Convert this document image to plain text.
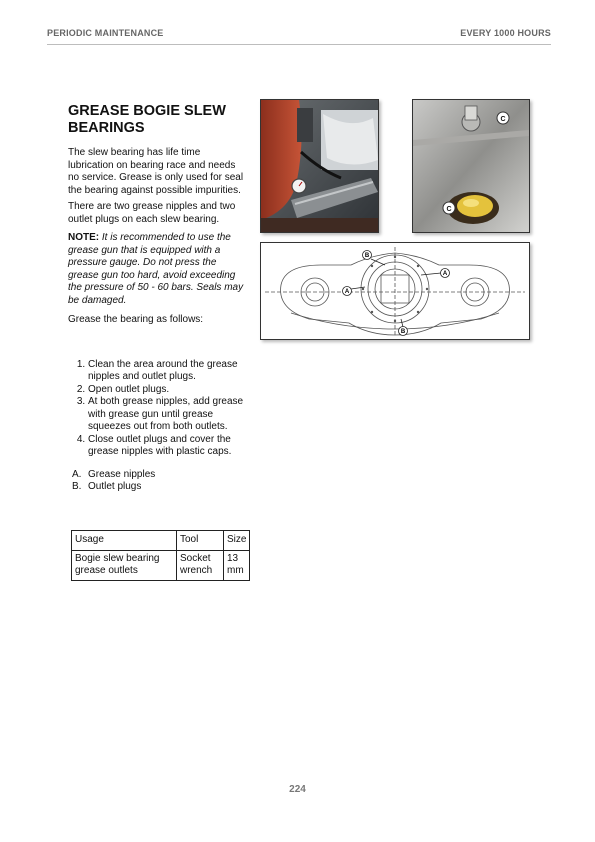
PERIODIC MAINTENANCE	EVERY 1000 HOURS
GREASE BOGIE SLEW BEARINGS

The slew bearing has life time lubrication on bearing race and needs no service. Grease is only used for seal the bearing against possible impurities.

There are two grease nipples and two outlet plugs on each slew bearing.

NOTE: It is recommended to use the grease gun that is equipped with a pressure gauge. Do not press the grease gun too hard, avoid exceeding the pressure of 50 - 60 bars. Seals may be damaged.

Grease the bearing as follows:

1. Clean the area around the grease nipples and outlet plugs.
2. Open outlet plugs.
3. At both grease nipples, add grease with grease gun until grease squeezes out from both outlets.
4. Close outlet plugs and cover the grease nipples with plastic caps.
A. Grease nipples
B. Outlet plugs
Usage	Tool	Size
Bogie slew bearing grease outlets	Socket wrench	13 mm
C
C
B
A
A
B
224
